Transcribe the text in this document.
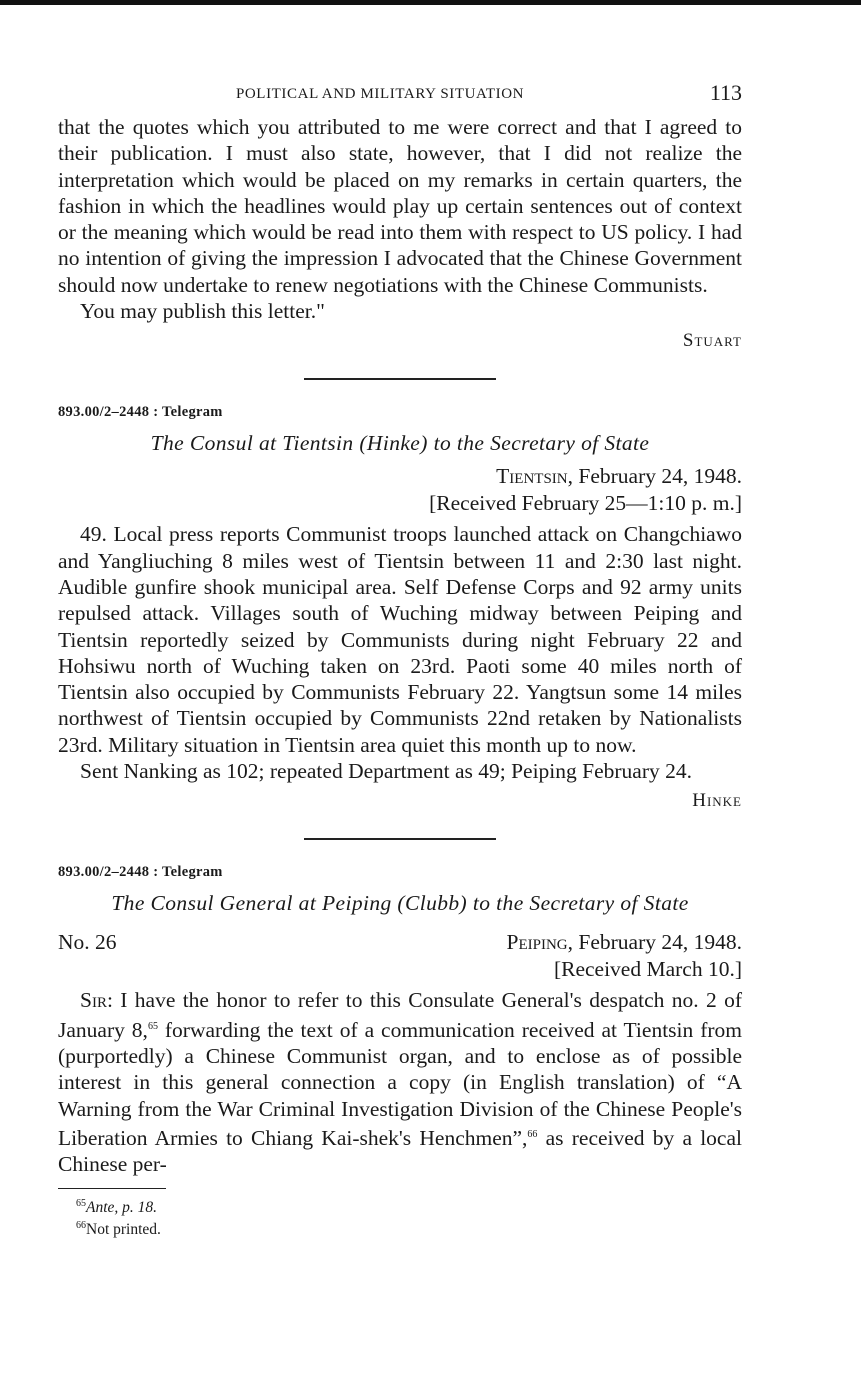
POLITICAL AND MILITARY SITUATION	113

that the quotes which you attributed to me were correct and that I agreed to their publication. I must also state, however, that I did not realize the interpretation which would be placed on my remarks in certain quarters, the fashion in which the headlines would play up certain sentences out of context or the meaning which would be read into them with respect to US policy. I had no intention of giving the impression I advocated that the Chinese Government should now undertake to renew negotiations with the Chinese Communists.

You may publish this letter."

Stuart
893.00/2–2448 : Telegram
The Consul at Tientsin (Hinke) to the Secretary of State
Tientsin, February 24, 1948.
[Received February 25—1:10 p. m.]

49. Local press reports Communist troops launched attack on Changchiawo and Yangliuching 8 miles west of Tientsin between 11 and 2:30 last night. Audible gunfire shook municipal area. Self Defense Corps and 92 army units repulsed attack. Villages south of Wuching midway between Peiping and Tientsin reportedly seized by Communists during night February 22 and Hohsiwu north of Wuching taken on 23rd. Paoti some 40 miles north of Tientsin also occupied by Communists February 22. Yangtsun some 14 miles northwest of Tientsin occupied by Communists 22nd retaken by Nationalists 23rd. Military situation in Tientsin area quiet this month up to now.

Sent Nanking as 102; repeated Department as 49; Peiping February 24.

Hinke
893.00/2–2448 : Telegram
The Consul General at Peiping (Clubb) to the Secretary of State
No. 26	Peiping, February 24, 1948.
[Received March 10.]

Sir: I have the honor to refer to this Consulate General's despatch no. 2 of January 8,65 forwarding the text of a communication received at Tientsin from (purportedly) a Chinese Communist organ, and to enclose as of possible interest in this general connection a copy (in English translation) of “A Warning from the War Criminal Investigation Division of the Chinese People's Liberation Armies to Chiang Kai-shek's Henchmen”,$^{66}$ as received by a local Chinese per-

$^{65}$Ante, p. 18.
$^{66}$Not printed.
